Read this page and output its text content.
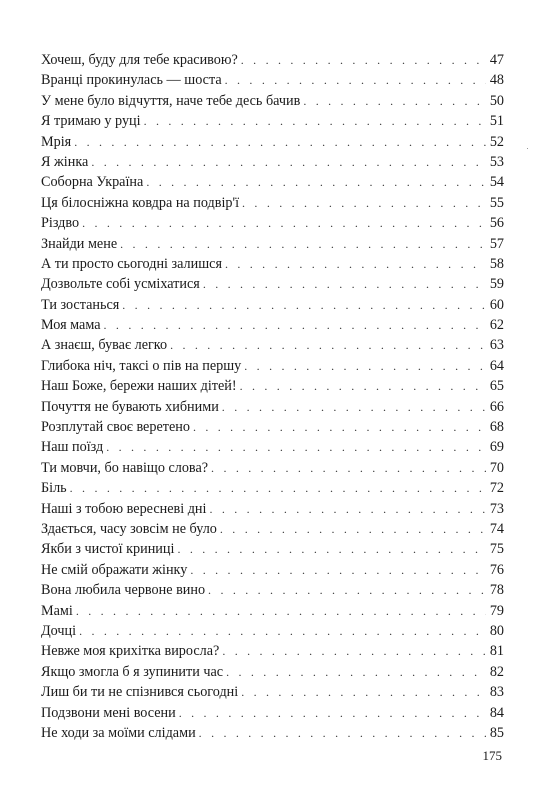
Хочеш, буду для тебе красивою? . . .	47
Вранці прокинулась — шоста . . .	48
У мене було відчуття, наче тебе десь бачив . . .	50
Я тримаю у руці . . .	51
Мрія . . .	52
Я жінка . . .	53
Соборна Україна . . .	54
Ця білосніжна ковдра на подвір'ї . . .	55
Різдво . . .	56
Знайди мене . . .	57
А ти просто сьогодні залишся . . .	58
Дозвольте собі усміхатися . . .	59
Ти зостанься . . .	60
Моя мама . . .	62
А знаєш, буває легко . . .	63
Глибока ніч, таксі о пів на першу . . .	64
Наш Боже, бережи наших дітей! . . .	65
Почуття не бувають хибними . . .	66
Розплутай своє веретено . . .	68
Наш поїзд . . .	69
Ти мовчи, бо навіщо слова? . . .	70
Біль . . .	72
Наші з тобою вересневі дні . . .	73
Здається, часу зовсім не було . . .	74
Якби з чистої криниці . . .	75
Не смій ображати жінку . . .	76
Вона любила червоне вино . . .	78
Мамі . . .	79
Дочці . . .	80
Невже моя крихітка виросла? . . .	81
Якщо змогла б я зупинити час . . .	82
Лиш би ти не спізнився сьогодні . . .	83
Подзвони мені восени . . .	84
Не ходи за моїми слідами . . .	85
175
